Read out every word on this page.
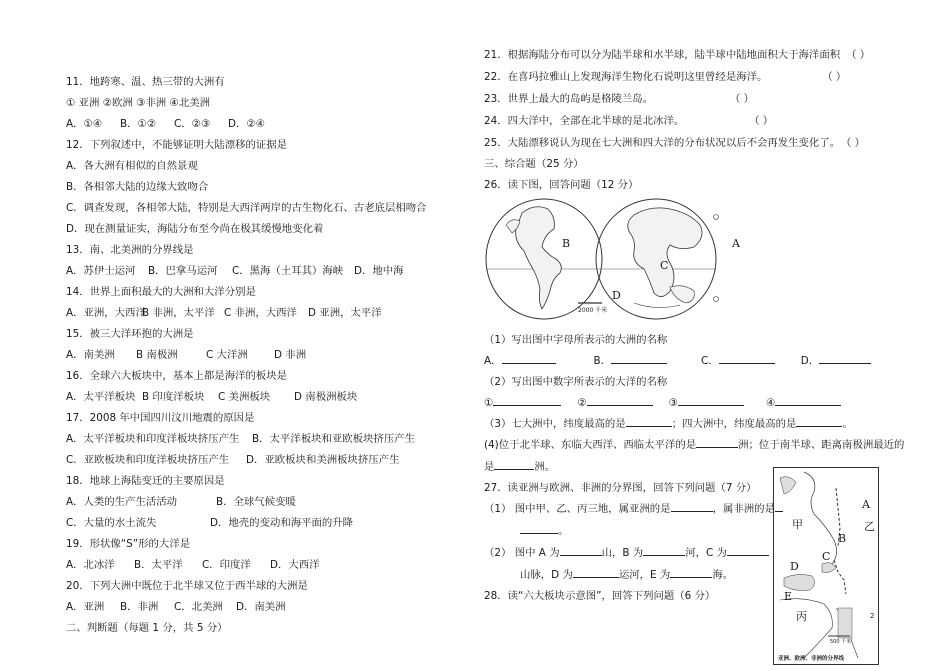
11．地跨寒、温、热三带的大洲有
① 亚洲 ②欧洲 ③非洲 ④北美洲
A．①④ B．①② C．②③ D．②④
12．下列叙述中，不能够证明大陆漂移的证据是
A．各大洲有相似的自然景观
B．各相邻大陆的边缘大致吻合
C．调查发现，各相邻大陆，特别是大西洋两岸的古生物化石、古老底层相吻合
D．现在测量证实，海陆分布至今尚在极其缓慢地变化着
13．南、北美洲的分界线是
A．苏伊士运河 B．巴拿马运河 C．黑海（土耳其）海峡 D．地中海
14．世界上面积最大的大洲和大洋分别是
A．亚洲，大西洋B 非洲，太平洋 C 非洲，大西洋 D 亚洲，太平洋
15．被三大洋环抱的大洲是
A．南美洲 B 南极洲	C 大洋洲	D 非洲
16．全球六大板块中，基本上都是海洋的板块是
A．太平洋板块 B 印度洋板块 C 美洲板块 D 南极洲板块
17．2008 年中国四川汶川地震的原因是
A．太平洋板块和印度洋板块挤压产生 B．太平洋板块和亚欧板块挤压产生
C．亚欧板块和印度洋板块挤压产生 D．亚欧板块和美洲板块挤压产生
18．地球上海陆变迁的主要原因是
A．人类的生产生活活动	B．全球气候变暖
C．大量的水土流失	D．地壳的变动和海平面的升降
19．形状像“S”形的大洋是
A．北冰洋 B．太平洋 C．印度洋 D．大西洋
20．下列大洲中既位于北半球又位于西半球的大洲是
A．亚洲 B．非洲 C．北美洲 D．南美洲
二、判断题（每题 1 分，共 5 分）
21．根据海陆分布可以分为陆半球和水半球，陆半球中陆地面积大于海洋面积 （ ）
22．在喜玛拉雅山上发现海洋生物化石说明这里曾经是海洋。	（ ）
23．世界上最大的岛屿是格陵兰岛。	（ ）
24．四大洋中，全部在北半球的是北冰洋。	（ ）
25．大陆漂移说认为现在七大洲和四大洋的分布状况以后不会再发生变化了。 （ ）
三、综合题（25 分）
26．读下图，回答问题（12 分）
A
B
C
D
2000 千米
（1）写出图中字母所表示的大洲的名称
A．	B．	C．	D．
（2）写出图中数字所表示的大洋的名称
①	②	③	④
（3）七大洲中，纬度最高的是	；四大洲中，纬度最高的是	。
(4)位于北半球、东临大西洋、西临太平洋的是	洲；位于南半球、距离南极洲最近的
是	洲。
27．读亚洲与欧洲、非洲的分界图，回答下列问题（7 分）
（1） 图中甲、乙、丙三地，属亚洲的是	，属非洲的是
。
（2） 图中 A 为	山，B 为	河，C 为
山脉，D 为	运河，E 为	海。
28．读“六大板块示意图”，回答下列问题（6 分）
A
乙
甲
B
C
D
E
丙	2
500 千米
亚洲、欧洲、非洲的分界线
